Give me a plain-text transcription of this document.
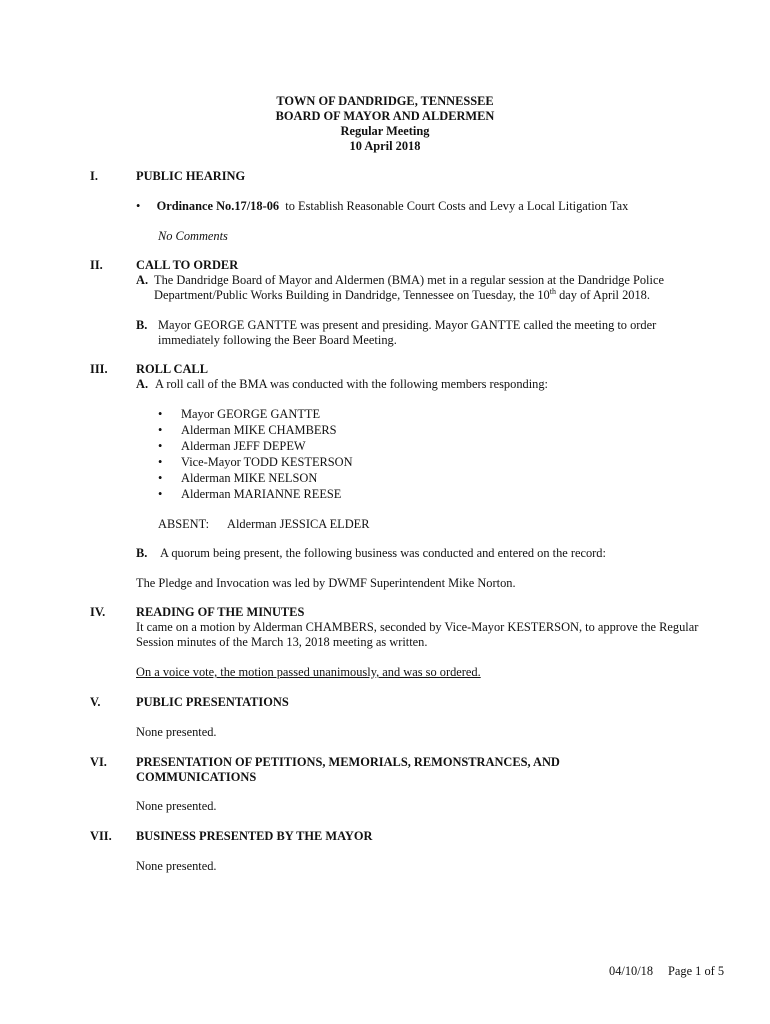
TOWN OF DANDRIDGE, TENNESSEE
BOARD OF MAYOR AND ALDERMEN
Regular Meeting
10 April 2018
I.	PUBLIC HEARING
• Ordinance No.17/18-06 to Establish Reasonable Court Costs and Levy a Local Litigation Tax
No Comments
II.	CALL TO ORDER
A. The Dandridge Board of Mayor and Aldermen (BMA) met in a regular session at the Dandridge Police
Department/Public Works Building in Dandridge, Tennessee on Tuesday, the 10th day of April 2018.
B. Mayor GEORGE GANTTE was present and presiding. Mayor GANTTE called the meeting to order
immediately following the Beer Board Meeting.
III. ROLL CALL
A. A roll call of the BMA was conducted with the following members responding:
• Mayor GEORGE GANTTE
• Alderman MIKE CHAMBERS
• Alderman JEFF DEPEW
• Vice-Mayor TODD KESTERSON
• Alderman MIKE NELSON
• Alderman MARIANNE REESE
ABSENT: Alderman JESSICA ELDER
B. A quorum being present, the following business was conducted and entered on the record:
The Pledge and Invocation was led by DWMF Superintendent Mike Norton.
IV. READING OF THE MINUTES
It came on a motion by Alderman CHAMBERS, seconded by Vice-Mayor KESTERSON, to approve the Regular
Session minutes of the March 13, 2018 meeting as written.
On a voice vote, the motion passed unanimously, and was so ordered.
V.	PUBLIC PRESENTATIONS
None presented.
VI. PRESENTATION OF PETITIONS, MEMORIALS, REMONSTRANCES, AND
COMMUNICATIONS
None presented.
VII. BUSINESS PRESENTED BY THE MAYOR
None presented.
04/10/18 Page 1 of 5
